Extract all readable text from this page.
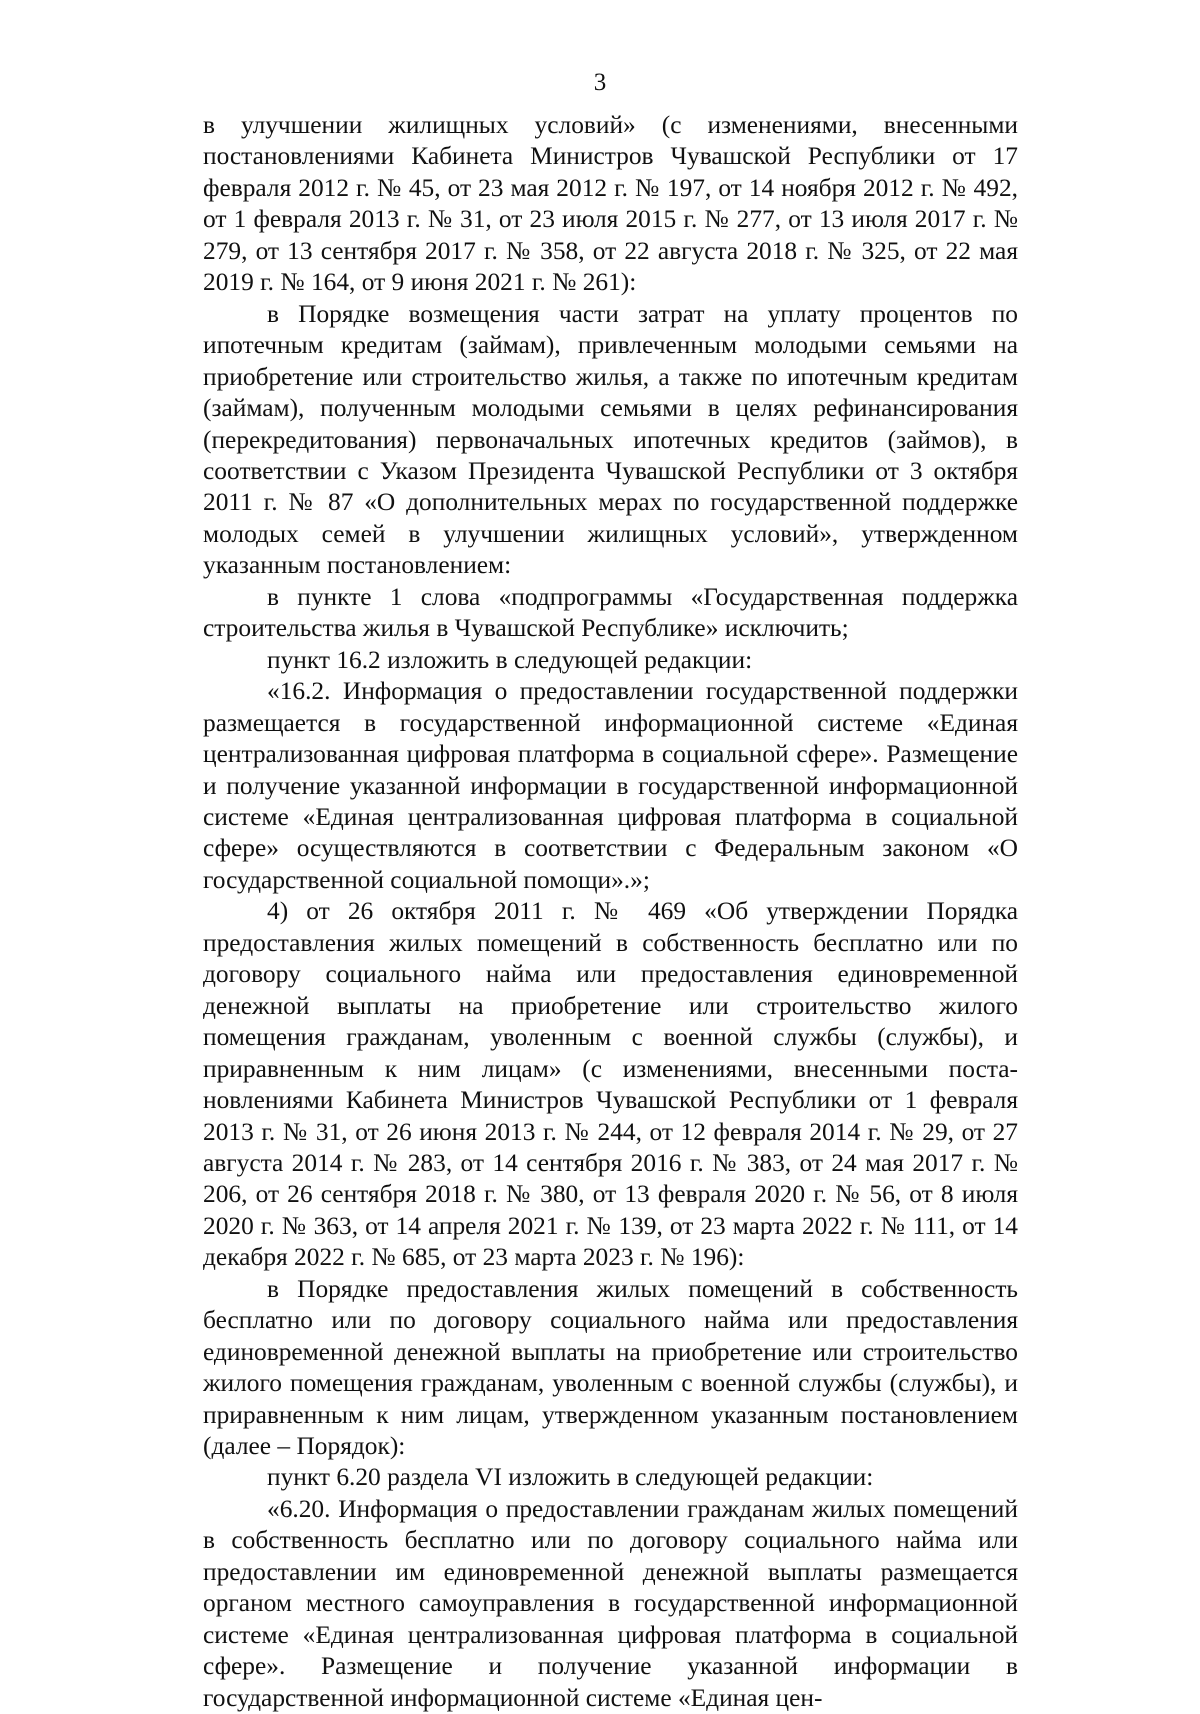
3

в улучшении жилищных условий» (с изменениями, внесенными постановлениями Кабинета Министров Чувашской Республики от 17 февраля 2012 г. № 45, от 23 мая 2012 г. № 197, от 14 ноября 2012 г. № 492, от 1 февраля 2013 г. № 31, от 23 июля 2015 г. № 277, от 13 июля 2017 г. № 279, от 13 сентября 2017 г. № 358, от 22 августа 2018 г. № 325, от 22 мая 2019 г. № 164, от 9 июня 2021 г. № 261):

в Порядке возмещения части затрат на уплату процентов по ипотечным кредитам (займам), привлеченным молодыми семьями на приобретение или строительство жилья, а также по ипотечным кредитам (займам), полученным молодыми семьями в целях рефинансирования (перекредитования) первоначальных ипотечных кредитов (займов), в соответствии с Указом Президента Чувашской Республики от 3 октября 2011 г. № 87 «О дополнительных мерах по государственной поддержке молодых семей в улучшении жилищных условий», утвержденном указанным постановлением:

в пункте 1 слова «подпрограммы «Государственная поддержка строительства жилья в Чувашской Республике» исключить;

пункт 16.2 изложить в следующей редакции:

«16.2. Информация о предоставлении государственной поддержки размещается в государственной информационной системе «Единая централизованная цифровая платформа в социальной сфере». Размещение и получение указанной информации в государственной информационной системе «Единая централизованная цифровая платформа в социальной сфере» осуществляются в соответствии с Федеральным законом «О государственной социальной помощи».»;

4) от 26 октября 2011 г. № 469 «Об утверждении Порядка предоставления жилых помещений в собственность бесплатно или по договору социального найма или предоставления единовременной денежной выплаты на приобретение или строительство жилого помещения гражданам, уволенным с военной службы (службы), и приравненным к ним лицам» (с изменениями, внесенными постановлениями Кабинета Министров Чувашской Республики от 1 февраля 2013 г. № 31, от 26 июня 2013 г. № 244, от 12 февраля 2014 г. № 29, от 27 августа 2014 г. № 283, от 14 сентября 2016 г. № 383, от 24 мая 2017 г. № 206, от 26 сентября 2018 г. № 380, от 13 февраля 2020 г. № 56, от 8 июля 2020 г. № 363, от 14 апреля 2021 г. № 139, от 23 марта 2022 г. № 111, от 14 декабря 2022 г. № 685, от 23 марта 2023 г. № 196):

в Порядке предоставления жилых помещений в собственность бесплатно или по договору социального найма или предоставления единовременной денежной выплаты на приобретение или строительство жилого помещения гражданам, уволенным с военной службы (службы), и приравненным к ним лицам, утвержденном указанным постановлением (далее – Порядок):

пункт 6.20 раздела VI изложить в следующей редакции:

«6.20. Информация о предоставлении гражданам жилых помещений в собственность бесплатно или по договору социального найма или предоставлении им единовременной денежной выплаты размещается органом местного самоуправления в государственной информационной системе «Единая централизованная цифровая платформа в социальной сфере». Размещение и получение указанной информации в государственной информационной системе «Единая цен-
